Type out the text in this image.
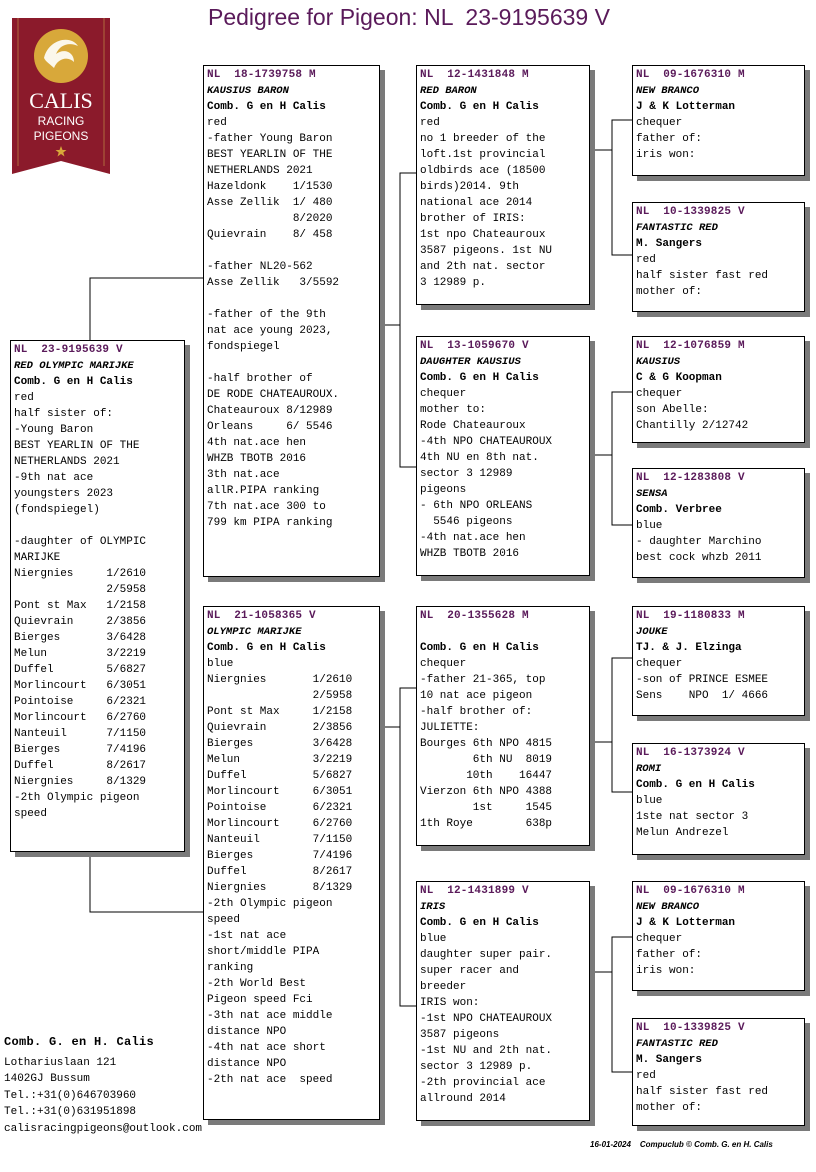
Pedigree for Pigeon: NL  23-9195639 V
CALIS
RACING
PIGEONS
NL  23-9195639 V
RED OLYMPIC MARIJKE
Comb. G en H Calis
red
half sister of:
-Young Baron
BEST YEARLIN OF THE
NETHERLANDS 2021
-9th nat ace
youngsters 2023
(fondspiegel)
-daughter of OLYMPIC
MARIJKE
Niergnies     1/2610
2/5958
Pont st Max   1/2158
Quievrain     2/3856
Bierges       3/6428
Melun         3/2219
Duffel        5/6827
Morlincourt   6/3051
Pointoise     6/2321
Morlincourt   6/2760
Nanteuil      7/1150
Bierges       7/4196
Duffel        8/2617
Niergnies     8/1329
-2th Olympic pigeon
speed
NL  18-1739758 M
KAUSIUS BARON
Comb. G en H Calis
red
-father Young Baron
BEST YEARLIN OF THE
NETHERLANDS 2021
Hazeldonk    1/1530
Asse Zellik  1/ 480
8/2020
Quievrain    8/ 458
-father NL20-562
Asse Zellik   3/5592
-father of the 9th
nat ace young 2023,
fondspiegel
-half brother of
DE RODE CHATEAUROUX.
Chateauroux 8/12989
Orleans     6/ 5546
4th nat.ace hen
WHZB TBOTB 2016
3th nat.ace
allR.PIPA ranking
7th nat.ace 300 to
799 km PIPA ranking
NL  21-1058365 V
OLYMPIC MARIJKE
Comb. G en H Calis
blue
Niergnies       1/2610
2/5958
Pont st Max     1/2158
Quievrain       2/3856
Bierges         3/6428
Melun           3/2219
Duffel          5/6827
Morlincourt     6/3051
Pointoise       6/2321
Morlincourt     6/2760
Nanteuil        7/1150
Bierges         7/4196
Duffel          8/2617
Niergnies       8/1329
-2th Olympic pigeon
speed
-1st nat ace
short/middle PIPA
ranking
-2th World Best
Pigeon speed Fci
-3th nat ace middle
distance NPO
-4th nat ace short
distance NPO
-2th nat ace  speed
NL  12-1431848 M
RED BARON
Comb. G en H Calis
red
no 1 breeder of the
loft.1st provincial
oldbirds ace (18500
birds)2014. 9th
national ace 2014
brother of IRIS:
1st npo Chateauroux
3587 pigeons. 1st NU
and 2th nat. sector
3 12989 p.
NL  13-1059670 V
DAUGHTER KAUSIUS
Comb. G en H Calis
chequer
mother to:
Rode Chateauroux
-4th NPO CHATEAUROUX
4th NU en 8th nat.
sector 3 12989
pigeons
- 6th NPO ORLEANS
5546 pigeons
-4th nat.ace hen
WHZB TBOTB 2016
NL  20-1355628 M
Comb. G en H Calis
chequer
-father 21-365, top
10 nat ace pigeon
-half brother of:
JULIETTE:
Bourges 6th NPO 4815
6th NU  8019
10th    16447
Vierzon 6th NPO 4388
1st     1545
1th Roye        638p
NL  12-1431899 V
IRIS
Comb. G en H Calis
blue
daughter super pair.
super racer and
breeder
IRIS won:
-1st NPO CHATEAUROUX
3587 pigeons
-1st NU and 2th nat.
sector 3 12989 p.
-2th provincial ace
allround 2014
NL  09-1676310 M
NEW BRANCO
J & K Lotterman
chequer
father of:
iris won:
NL  10-1339825 V
FANTASTIC RED
M. Sangers
red
half sister fast red
mother of:
NL  12-1076859 M
KAUSIUS
C & G Koopman
chequer
son Abelle:
Chantilly 2/12742
NL  12-1283808 V
SENSA
Comb. Verbree
blue
- daughter Marchino
best cock whzb 2011
NL  19-1180833 M
JOUKE
TJ. & J. Elzinga
chequer
-son of PRINCE ESMEE
Sens    NPO  1/ 4666
NL  16-1373924 V
ROMI
Comb. G en H Calis
blue
1ste nat sector 3
Melun Andrezel
NL  09-1676310 M
NEW BRANCO
J & K Lotterman
chequer
father of:
iris won:
NL  10-1339825 V
FANTASTIC RED
M. Sangers
red
half sister fast red
mother of:
Comb. G. en H. Calis
Lothariuslaan 121
1402GJ Bussum
Tel.:+31(0)646703960
Tel.:+31(0)631951898
calisracingpigeons@outlook.com
16-01-2024    Compuclub © Comb. G. en H. Calis
